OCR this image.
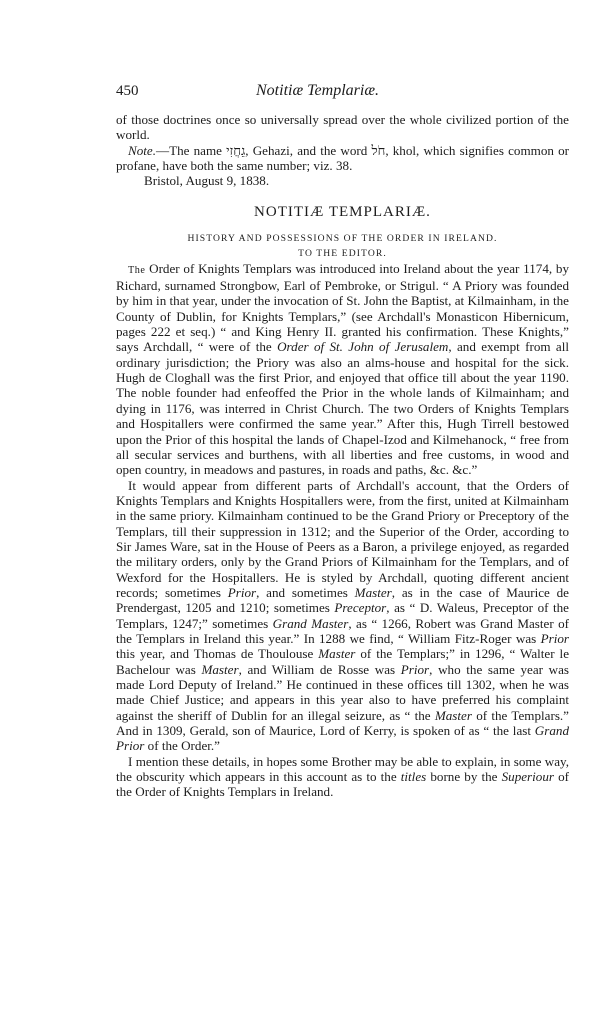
450	Notitiæ Templariæ.

of those doctrines once so universally spread over the whole civilized portion of the world.

Note.—The name גֵחֲזִי, Gehazi, and the word חֹל, khol, which signifies common or profane, have both the same number; viz. 38.

Bristol, August 9, 1838.

NOTITIÆ TEMPLARIÆ.

HISTORY AND POSSESSIONS OF THE ORDER IN IRELAND.

TO THE EDITOR.

The Order of Knights Templars was introduced into Ireland about the year 1174, by Richard, surnamed Strongbow, Earl of Pembroke, or Strigul. “ A Priory was founded by him in that year, under the invocation of St. John the Baptist, at Kilmainham, in the County of Dublin, for Knights Templars,” (see Archdall's Monasticon Hibernicum, pages 222 et seq.) “ and King Henry II. granted his confirmation. These Knights,” says Archdall, “ were of the Order of St. John of Jerusalem, and exempt from all ordinary jurisdiction; the Priory was also an alms-house and hospital for the sick. Hugh de Cloghall was the first Prior, and enjoyed that office till about the year 1190. The noble founder had enfeoffed the Prior in the whole lands of Kilmainham; and dying in 1176, was interred in Christ Church. The two Orders of Knights Templars and Hospitallers were confirmed the same year.” After this, Hugh Tirrell bestowed upon the Prior of this hospital the lands of Chapel-Izod and Kilmehanock, “ free from all secular services and burthens, with all liberties and free customs, in wood and open country, in meadows and pastures, in roads and paths, &c. &c.”

It would appear from different parts of Archdall's account, that the Orders of Knights Templars and Knights Hospitallers were, from the first, united at Kilmainham in the same priory. Kilmainham continued to be the Grand Priory or Preceptory of the Templars, till their suppression in 1312; and the Superior of the Order, according to Sir James Ware, sat in the House of Peers as a Baron, a privilege enjoyed, as regarded the military orders, only by the Grand Priors of Kilmainham for the Templars, and of Wexford for the Hospitallers. He is styled by Archdall, quoting different ancient records; sometimes Prior, and sometimes Master, as in the case of Maurice de Prendergast, 1205 and 1210; sometimes Preceptor, as “ D. Waleus, Preceptor of the Templars, 1247;” sometimes Grand Master, as “ 1266, Robert was Grand Master of the Templars in Ireland this year.” In 1288 we find, “ William Fitz-Roger was Prior this year, and Thomas de Thoulouse Master of the Templars;” in 1296, “ Walter le Bachelour was Master, and William de Rosse was Prior, who the same year was made Lord Deputy of Ireland.” He continued in these offices till 1302, when he was made Chief Justice; and appears in this year also to have preferred his complaint against the sheriff of Dublin for an illegal seizure, as “ the Master of the Templars.” And in 1309, Gerald, son of Maurice, Lord of Kerry, is spoken of as “ the last Grand Prior of the Order.”

I mention these details, in hopes some Brother may be able to explain, in some way, the obscurity which appears in this account as to the titles borne by the Superiour of the Order of Knights Templars in Ireland.
